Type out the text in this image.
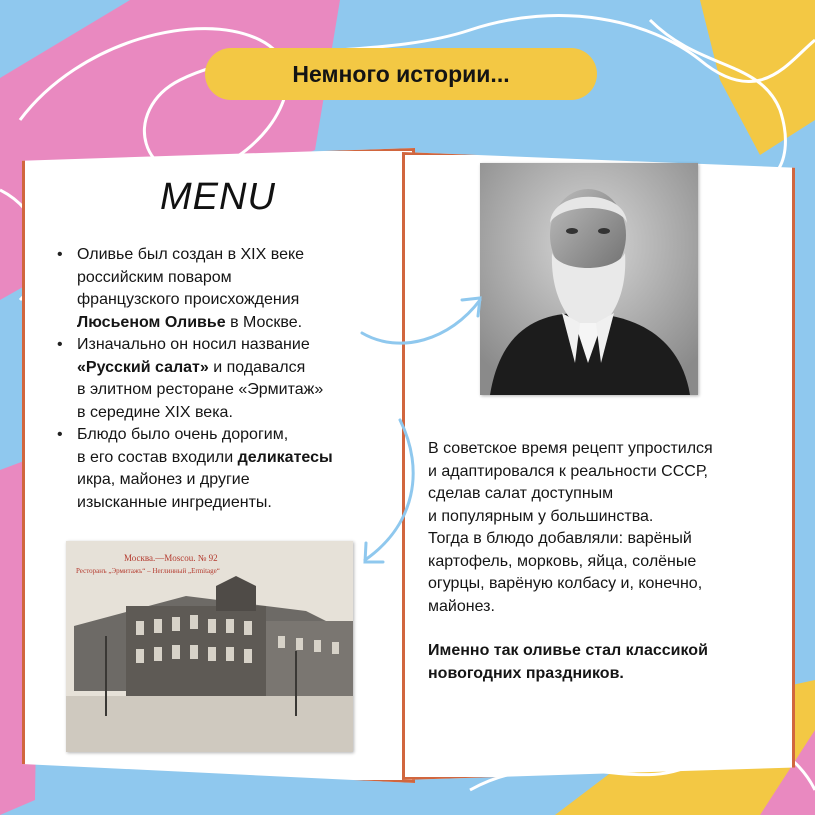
Немного истории...
MENU
• Оливье был создан в XIX веке
российским поваром
французского происхождения
Люсьеном Оливье в Москве.
• Изначально он носил название
«Русский салат» и подавался
в элитном ресторане «Эрмитаж»
в середине XIX века.
• Блюдо было очень дорогим,
в его состав входили деликатесы
икра, майонез и другие
изысканные ингредиенты.
Москва.—Moscou. № 92
Ресторанъ „Эрмитажъ“ – Неглинный „Ermitage“

В советское время рецепт упростился
и адаптировался к реальности СССР,
сделав салат доступным
и популярным у большинства.
Тогда в блюдо добавляли: варёный
картофель, морковь, яйца, солёные
огурцы, варёную колбасу и, конечно,
майонез.

Именно так оливье стал классикой
новогодних праздников.
